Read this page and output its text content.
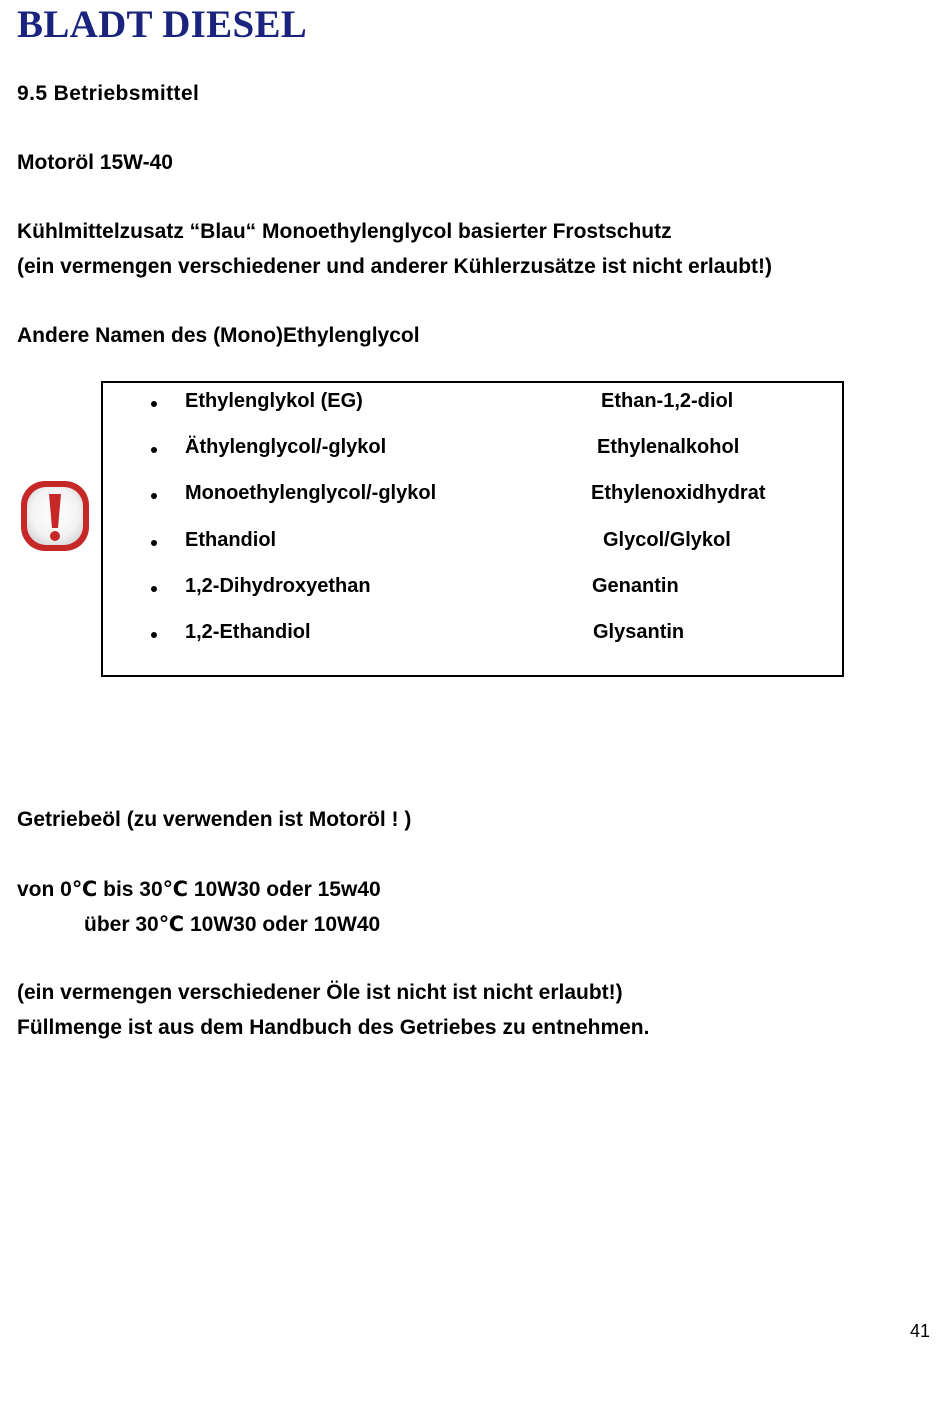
BLADT DIESEL
9.5 Betriebsmittel
Motoröl 15W-40
Kühlmittelzusatz “Blau“ Monoethylenglycol basierter Frostschutz
(ein vermengen verschiedener und anderer Kühlerzusätze ist nicht erlaubt!)
Andere Namen des (Mono)Ethylenglycol
Ethylenglykol (EG)	Ethan-1,2-diol
Äthylenglycol/-glykol	Ethylenalkohol
Monoethylenglycol/-glykol	Ethylenoxidhydrat
Ethandiol	Glycol/Glykol
1,2-Dihydroxyethan	Genantin
1,2-Ethandiol	Glysantin
Getriebeöl (zu verwenden ist Motoröl ! )
von 0℃ bis 30℃ 10W30 oder 15w40
über 30℃ 10W30 oder 10W40
(ein vermengen verschiedener Öle ist nicht ist nicht erlaubt!)
Füllmenge ist aus dem Handbuch des Getriebes zu entnehmen.
41
